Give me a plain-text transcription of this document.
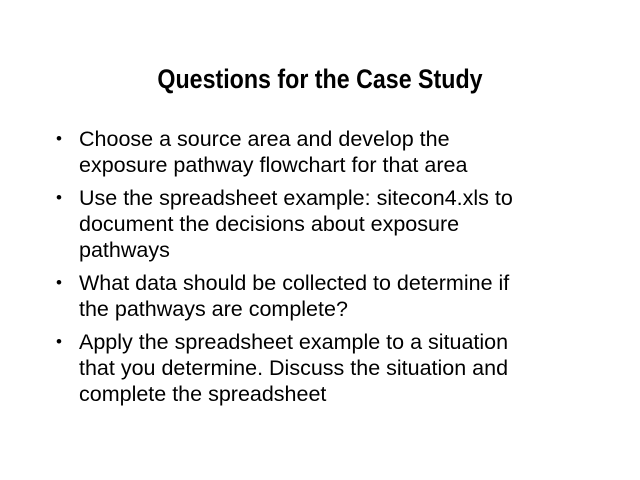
Questions for the Case Study
• Choose a source area and develop the
exposure pathway flowchart for that area
• Use the spreadsheet example: sitecon4.xls to
document the decisions about exposure
pathways
• What data should be collected to determine if
the pathways are complete?
• Apply the spreadsheet example to a situation
that you determine. Discuss the situation and
complete the spreadsheet
